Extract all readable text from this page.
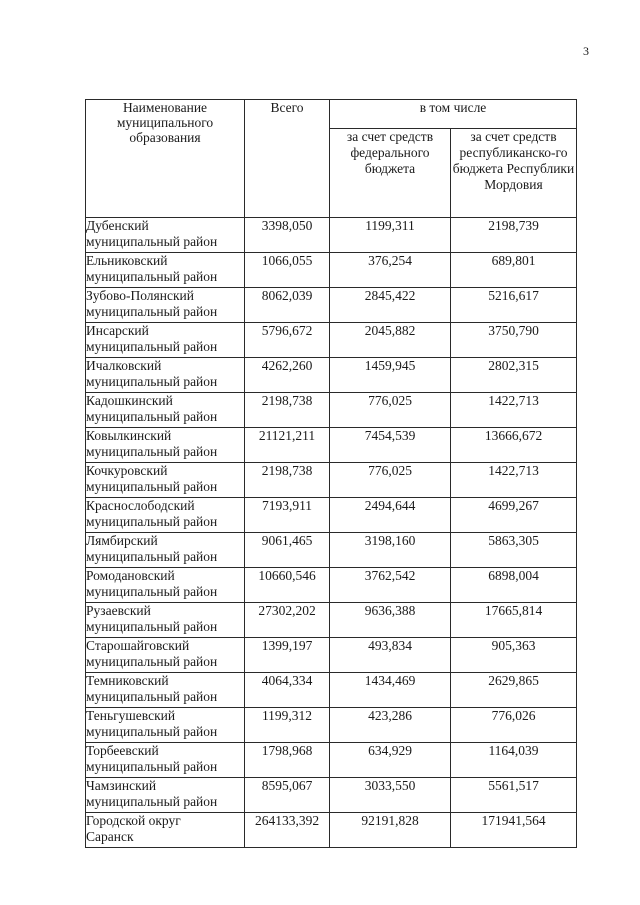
3
Наименование муниципального образования	Всего	в том числе	
		за счет средств федерального бюджета	за счет средств республиканско-го бюджета Республики Мордовия

Дубенский
муниципальный район	3398,050	1199,311	2198,739

Ельниковский
муниципальный район	1066,055	376,254	689,801

Зубово-Полянский
муниципальный район	8062,039	2845,422	5216,617

Инсарский
муниципальный район	5796,672	2045,882	3750,790

Ичалковский
муниципальный район	4262,260	1459,945	2802,315

Кадошкинский
муниципальный район	2198,738	776,025	1422,713

Ковылкинский
муниципальный район	21121,211	7454,539	13666,672

Кочкуровский
муниципальный район	2198,738	776,025	1422,713

Краснослободский
муниципальный район	7193,911	2494,644	4699,267

Лямбирский
муниципальный район	9061,465	3198,160	5863,305

Ромодановский
муниципальный район	10660,546	3762,542	6898,004

Рузаевский
муниципальный район	27302,202	9636,388	17665,814

Старошайговский
муниципальный район	1399,197	493,834	905,363

Темниковский
муниципальный район	4064,334	1434,469	2629,865

Теньгушевский
муниципальный район	1199,312	423,286	776,026

Торбеевский
муниципальный район	1798,968	634,929	1164,039

Чамзинский
муниципальный район	8595,067	3033,550	5561,517

Городской округ
Саранск	264133,392	92191,828	171941,564
